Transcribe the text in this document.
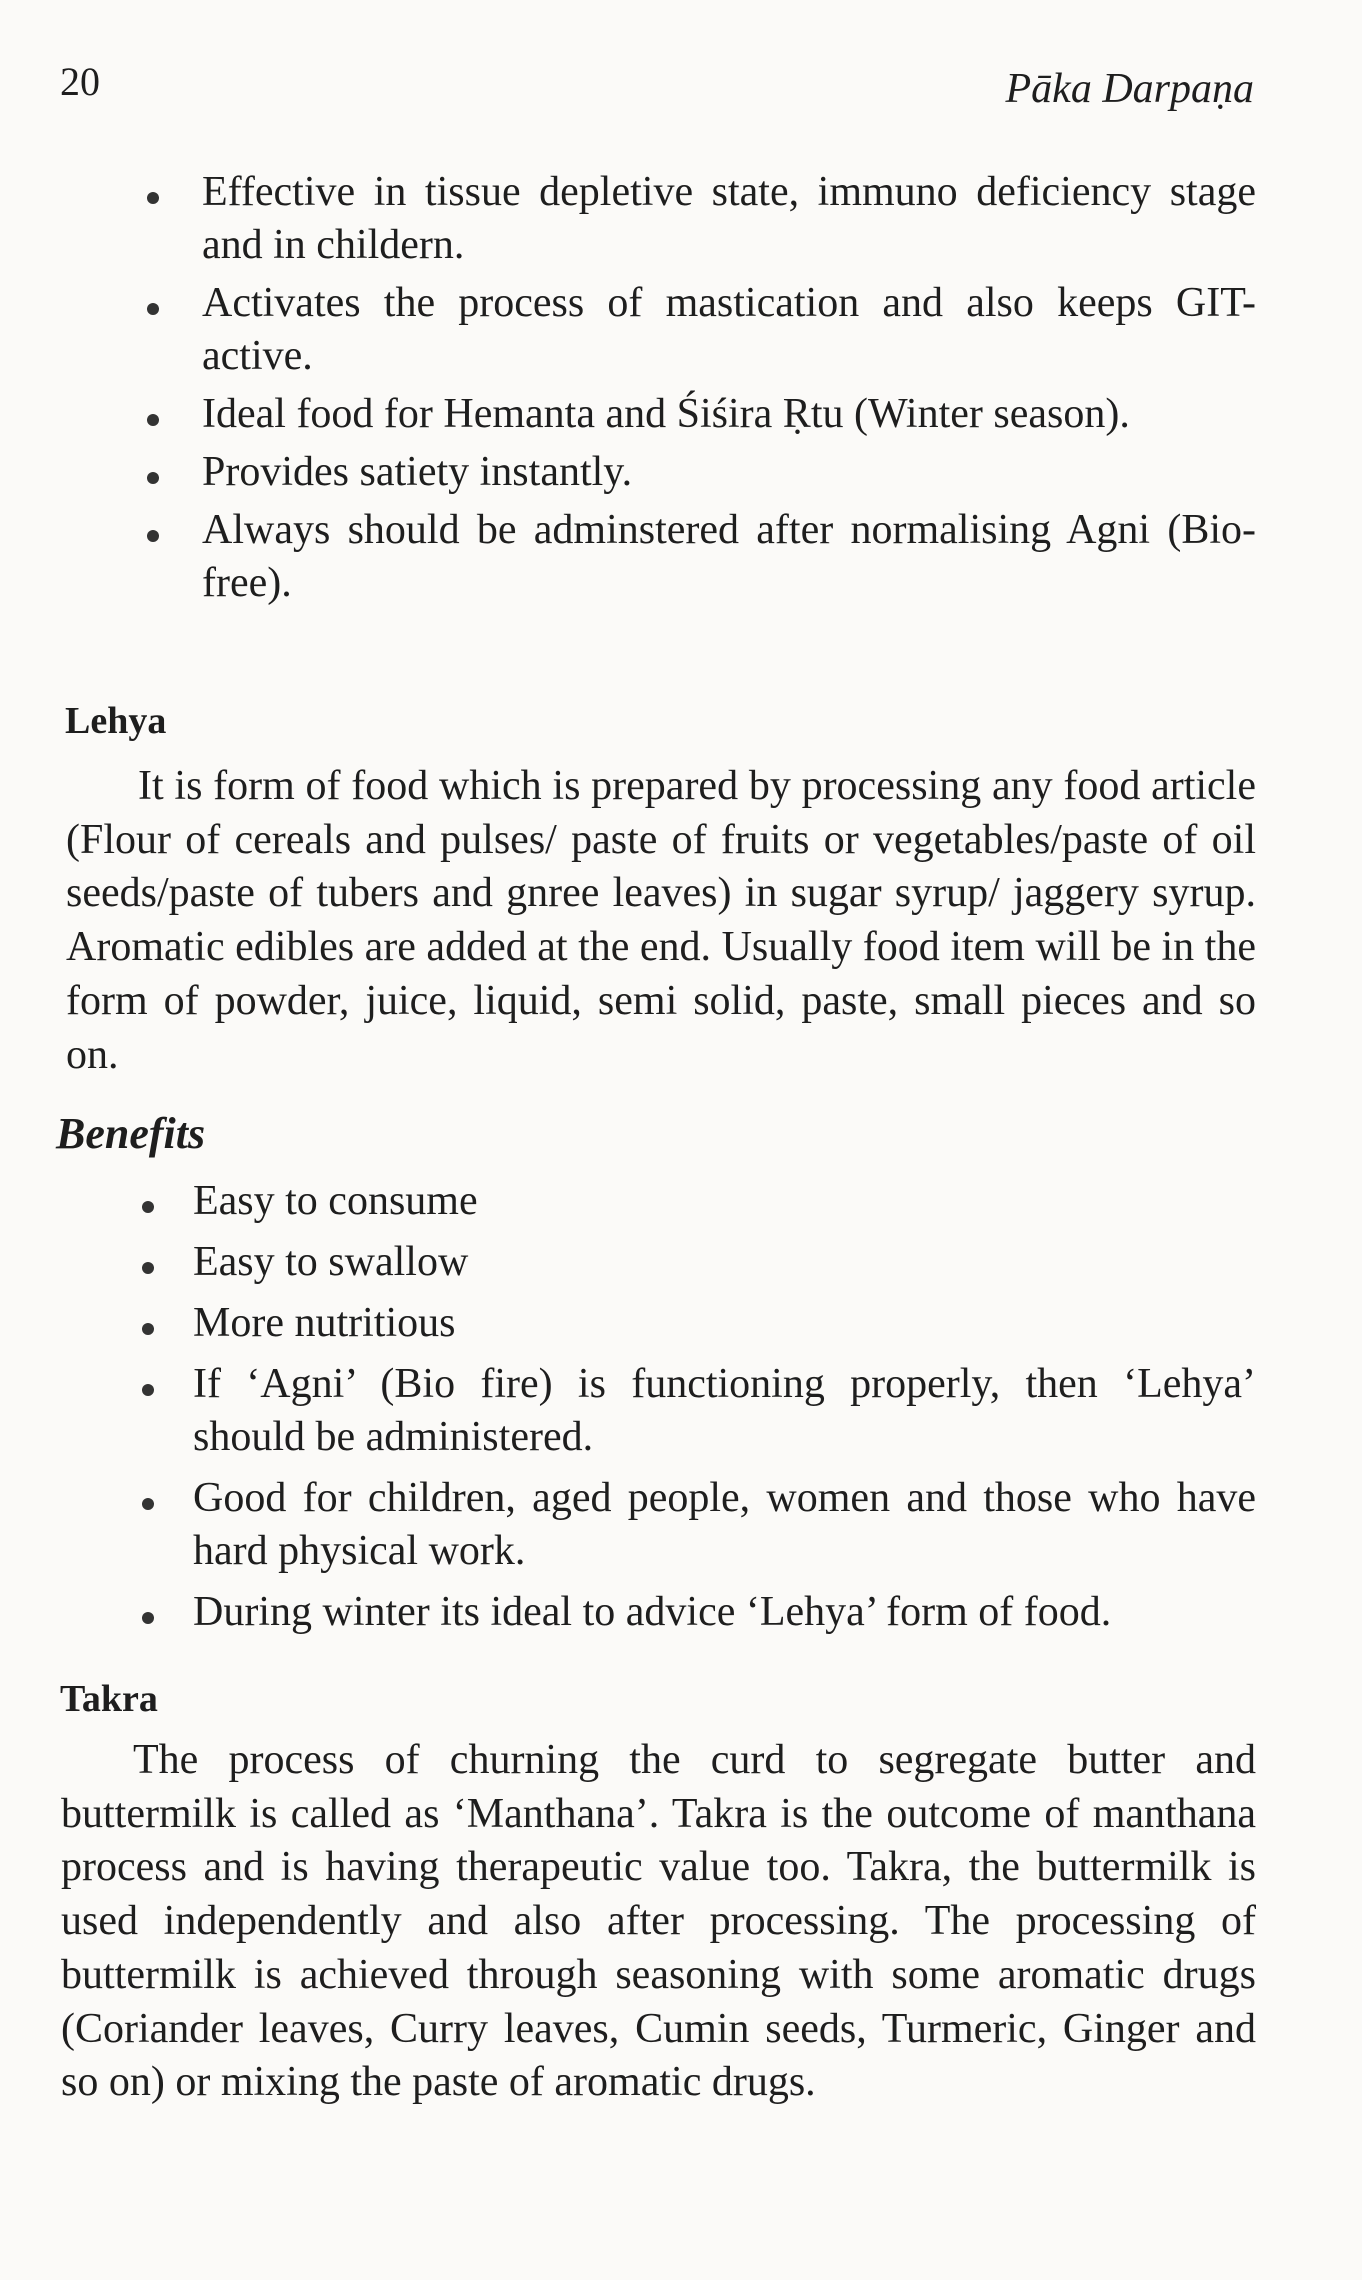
20	Pāka Darpaṇa
Effective in tissue depletive state, immuno deficiency stage and in childern.
Activates the process of mastication and also keeps GIT- active.
Ideal food for Hemanta and Śiśira Ṛtu (Winter season).
Provides satiety instantly.
Always should be adminstered after normalising Agni (Bio- free).
Lehya

It is form of food which is prepared by processing any food article (Flour of cereals and pulses/ paste of fruits or vegetables/paste of oil seeds/paste of tubers and gnree leaves) in sugar syrup/ jaggery syrup. Aromatic edibles are added at the end. Usually food item will be in the form of powder, juice, liquid, semi solid, paste, small pieces and so on.

Benefits
Easy to consume
Easy to swallow
More nutritious
If ‘Agni’ (Bio fire) is functioning properly, then ‘Lehya’ should be administered.
Good for children, aged people, women and those who have hard physical work.
During winter its ideal to advice ‘Lehya’ form of food.
Takra

The process of churning the curd to segregate butter and buttermilk is called as ‘Manthana’. Takra is the outcome of manthana process and is having therapeutic value too. Takra, the buttermilk is used independently and also after processing. The processing of buttermilk is achieved through seasoning with some aromatic drugs (Coriander leaves, Curry leaves, Cumin seeds, Turmeric, Ginger and so on) or mixing the paste of aromatic drugs.
